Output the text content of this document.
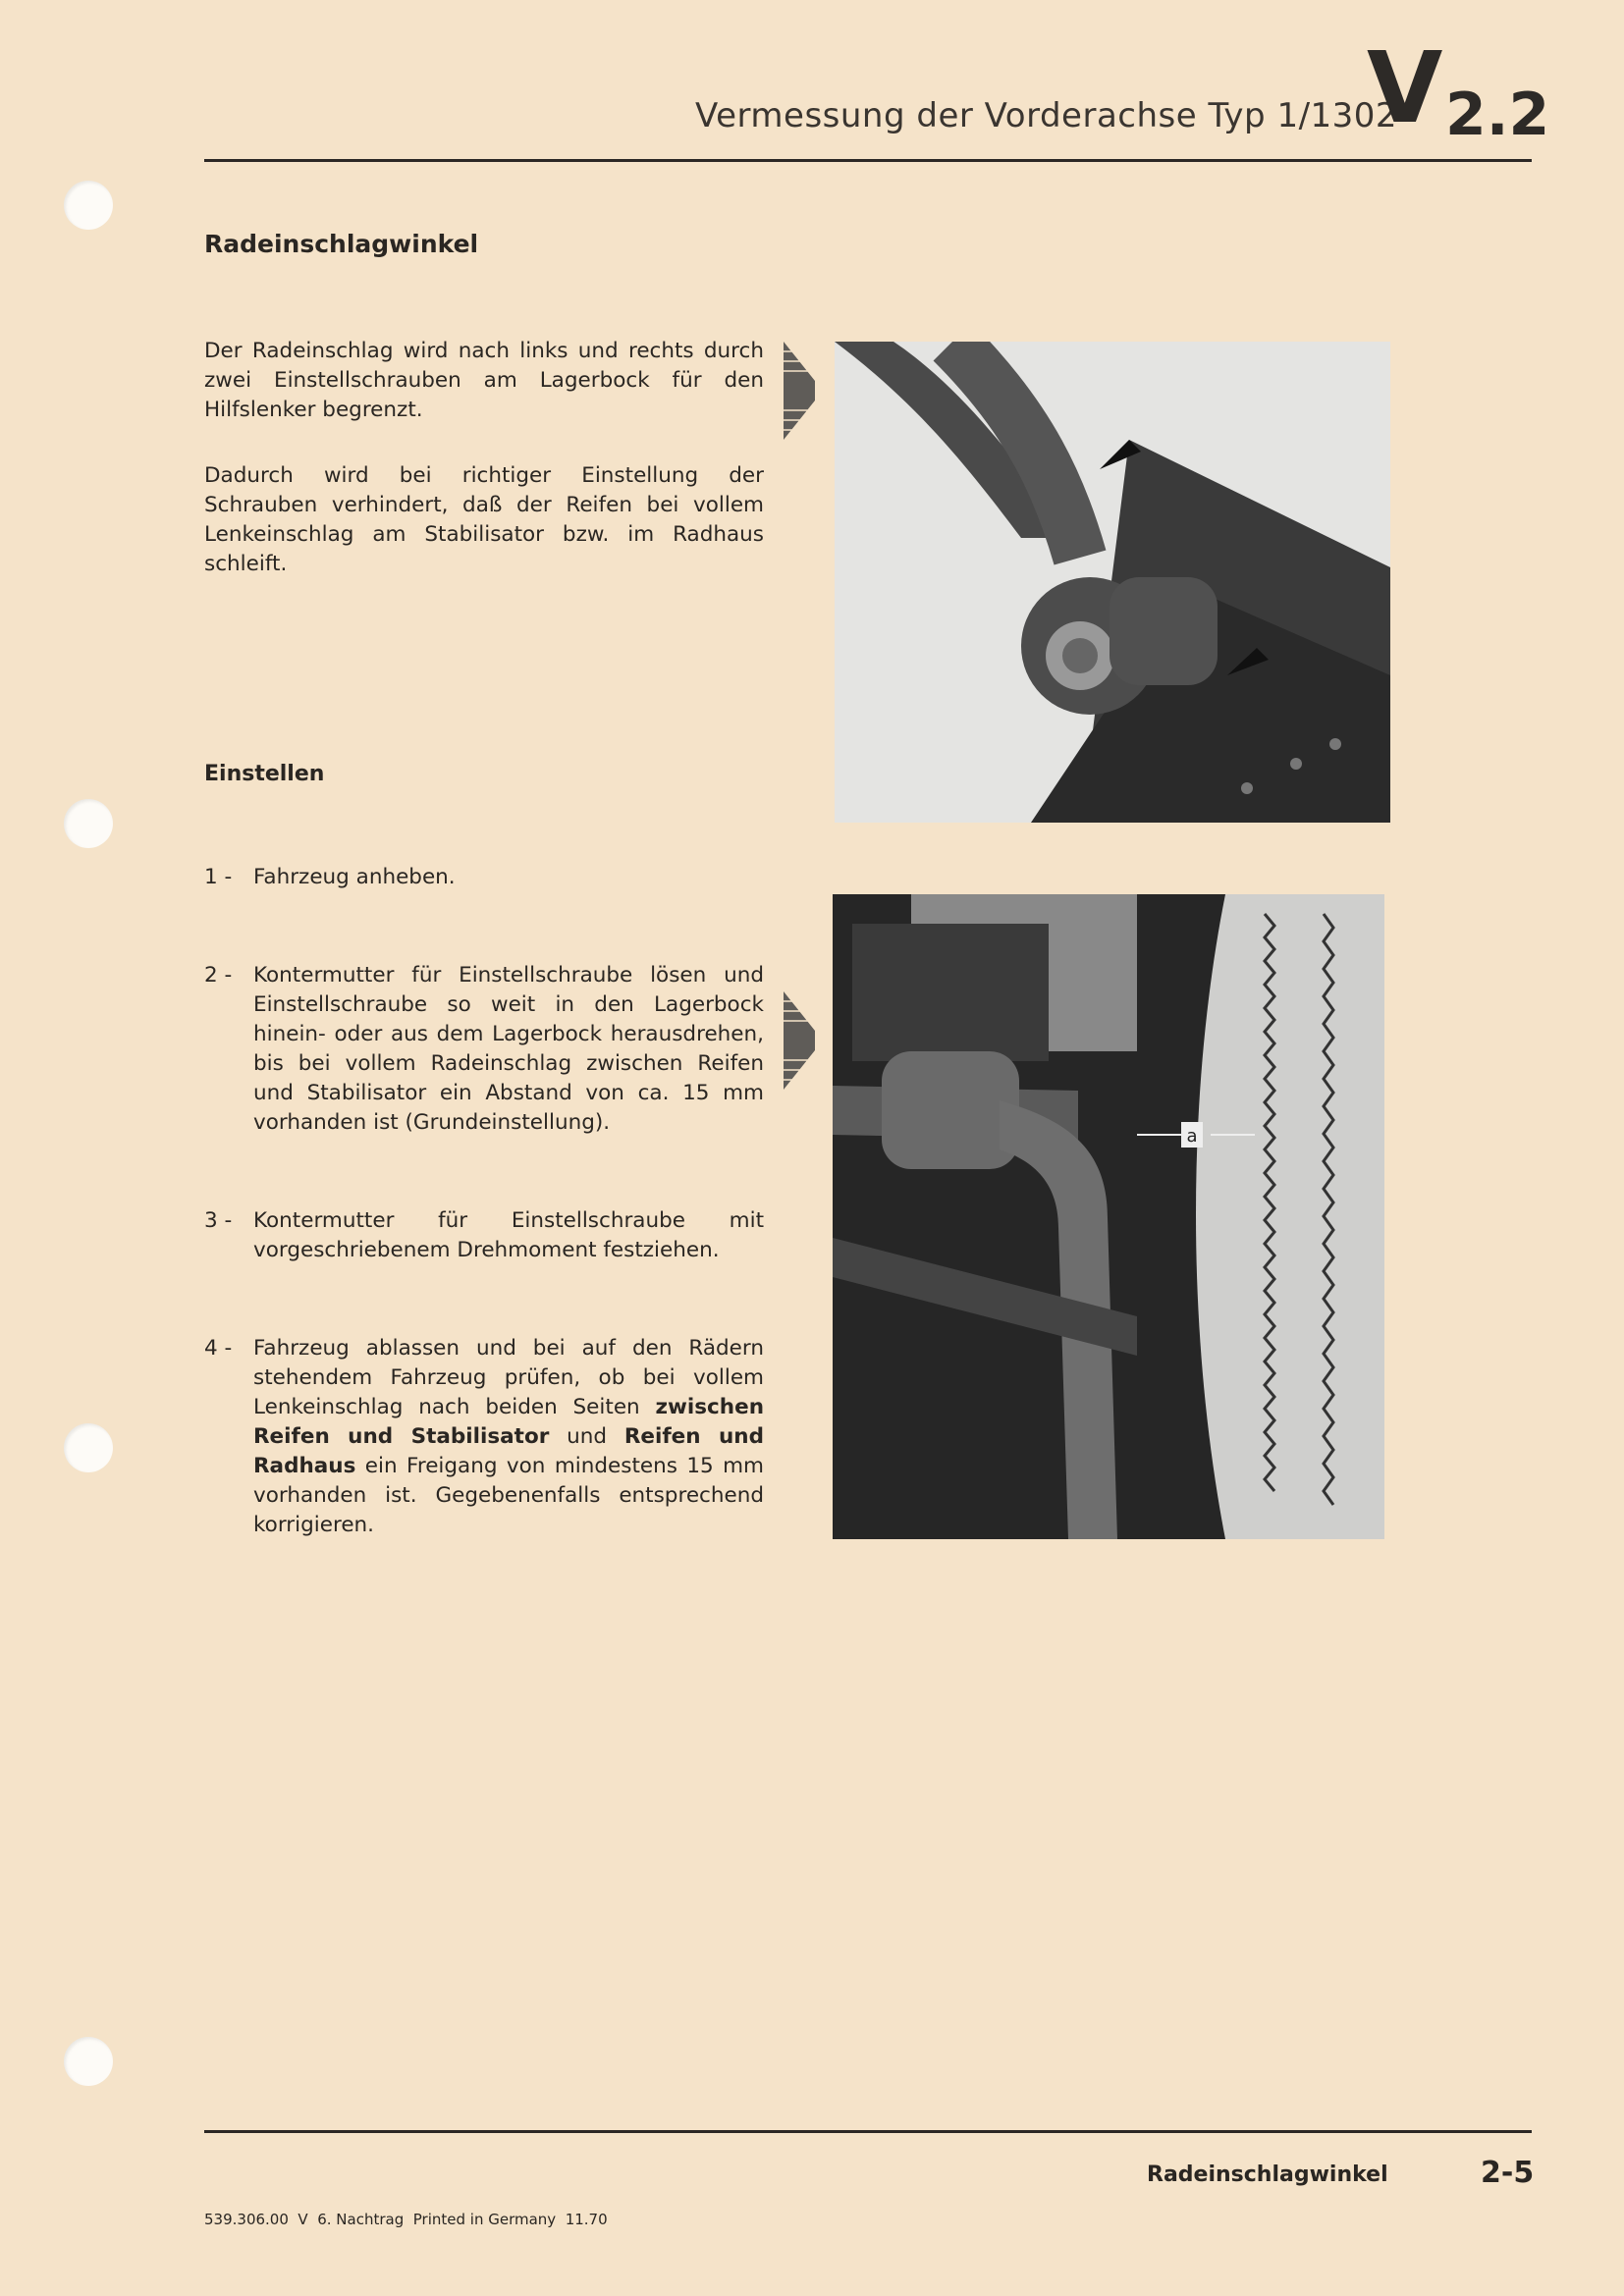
Vermessung der Vorderachse Typ 1/1302
V 2.2
Radeinschlagwinkel
Der Radeinschlag wird nach links und rechts durch zwei Einstellschrauben am Lagerbock für den Hilfslenker begrenzt.
Dadurch wird bei richtiger Einstellung der Schrauben verhindert, daß der Reifen bei vollem Lenkeinschlag am Stabilisator bzw. im Radhaus schleift.
Einstellen
1 - Fahrzeug anheben.
2 - Kontermutter für Einstellschraube lösen und Einstellschraube so weit in den Lagerbock hinein- oder aus dem Lagerbock herausdrehen, bis bei vollem Radeinschlag zwischen Reifen und Stabilisator ein Abstand von ca. 15 mm vorhanden ist (Grundeinstellung).
3 - Kontermutter für Einstellschraube mit vorgeschriebenem Drehmoment festziehen.
4 - Fahrzeug ablassen und bei auf den Rädern stehendem Fahrzeug prüfen, ob bei vollem Lenkeinschlag nach beiden Seiten zwischen Reifen und Stabilisator und Reifen und Radhaus ein Freigang von mindestens 15 mm vorhanden ist. Gegebenenfalls entsprechend korrigieren.
a
Radeinschlagwinkel	2-5
539.306.00  V  6. Nachtrag  Printed in Germany  11.70
